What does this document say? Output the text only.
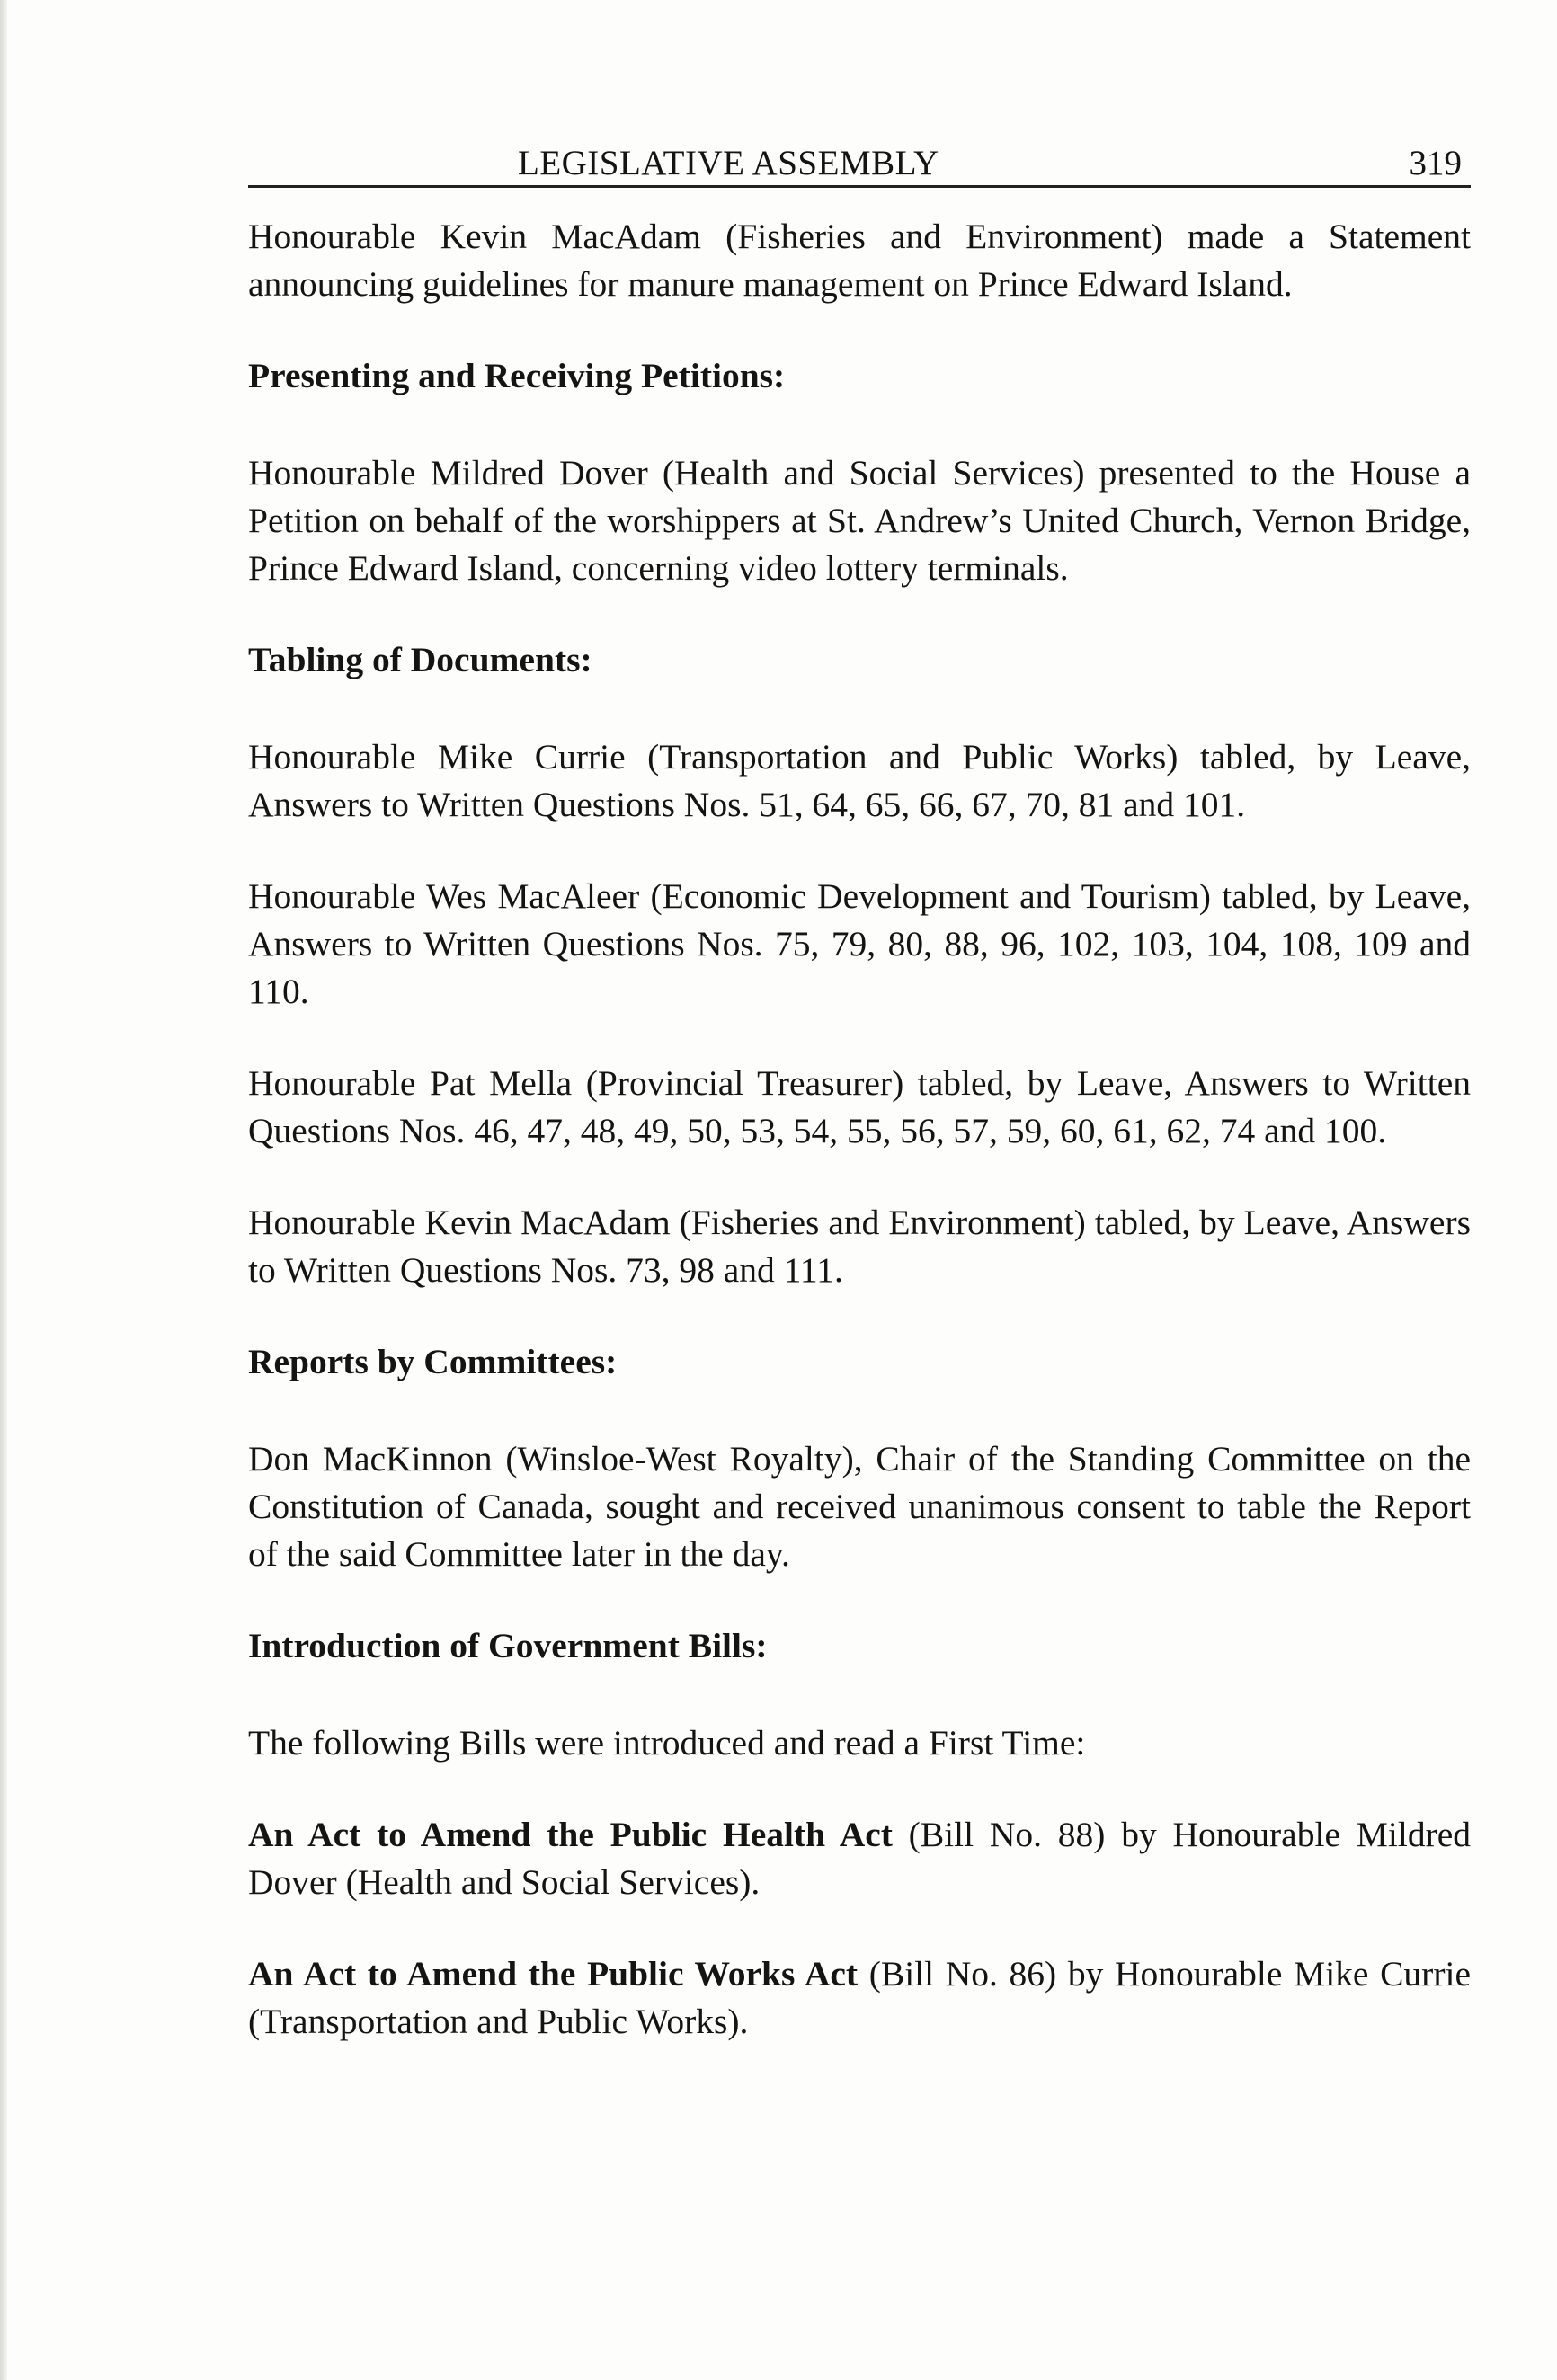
LEGISLATIVE ASSEMBLY	319

Honourable Kevin MacAdam (Fisheries and Environment) made a Statement announcing guidelines for manure management on Prince Edward Island.

Presenting and Receiving Petitions:

Honourable Mildred Dover (Health and Social Services) presented to the House a Petition on behalf of the worshippers at St. Andrew’s United Church, Vernon Bridge, Prince Edward Island, concerning video lottery terminals.

Tabling of Documents:

Honourable Mike Currie (Transportation and Public Works) tabled, by Leave, Answers to Written Questions Nos. 51, 64, 65, 66, 67, 70, 81 and 101.

Honourable Wes MacAleer (Economic Development and Tourism) tabled, by Leave, Answers to Written Questions Nos. 75, 79, 80, 88, 96, 102, 103, 104, 108, 109 and 110.

Honourable Pat Mella (Provincial Treasurer) tabled, by Leave, Answers to Written Questions Nos. 46, 47, 48, 49, 50, 53, 54, 55, 56, 57, 59, 60, 61, 62, 74 and 100.

Honourable Kevin MacAdam (Fisheries and Environment) tabled, by Leave, Answers to Written Questions Nos. 73, 98 and 111.

Reports by Committees:

Don MacKinnon (Winsloe-West Royalty), Chair of the Standing Committee on the Constitution of Canada, sought and received unanimous consent to table the Report of the said Committee later in the day.

Introduction of Government Bills:

The following Bills were introduced and read a First Time:

An Act to Amend the Public Health Act (Bill No. 88) by Honourable Mildred Dover (Health and Social Services).

An Act to Amend the Public Works Act (Bill No. 86) by Honourable Mike Currie (Transportation and Public Works).
